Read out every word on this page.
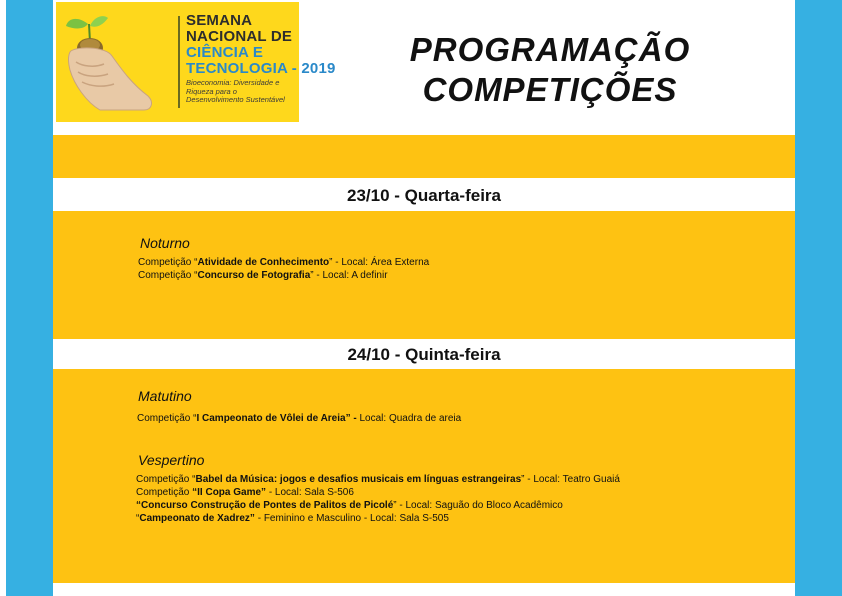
SEMANA
NACIONAL DE
CIÊNCIA E
TECNOLOGIA - 2019
Bioeconomia: Diversidade e Riqueza para o
Desenvolvimento Sustentável
PROGRAMAÇÃO
COMPETIÇÕES
23/10 - Quarta-feira
Noturno
Competição “Atividade de Conhecimento” - Local: Área Externa
Competição “Concurso de Fotografia” - Local: A definir
24/10 - Quinta-feira
Matutino
Competição “I Campeonato de Vôlei de Areia” - Local: Quadra de areia
Vespertino
Competição “Babel da Música: jogos e desafios musicais em línguas estrangeiras” - Local: Teatro Guaiá
Competição “II Copa Game” - Local: Sala S-506
“Concurso Construção de Pontes de Palitos de Picolé” - Local: Saguão do Bloco Acadêmico
“Campeonato de Xadrez” - Feminino e Masculino - Local: Sala S-505
